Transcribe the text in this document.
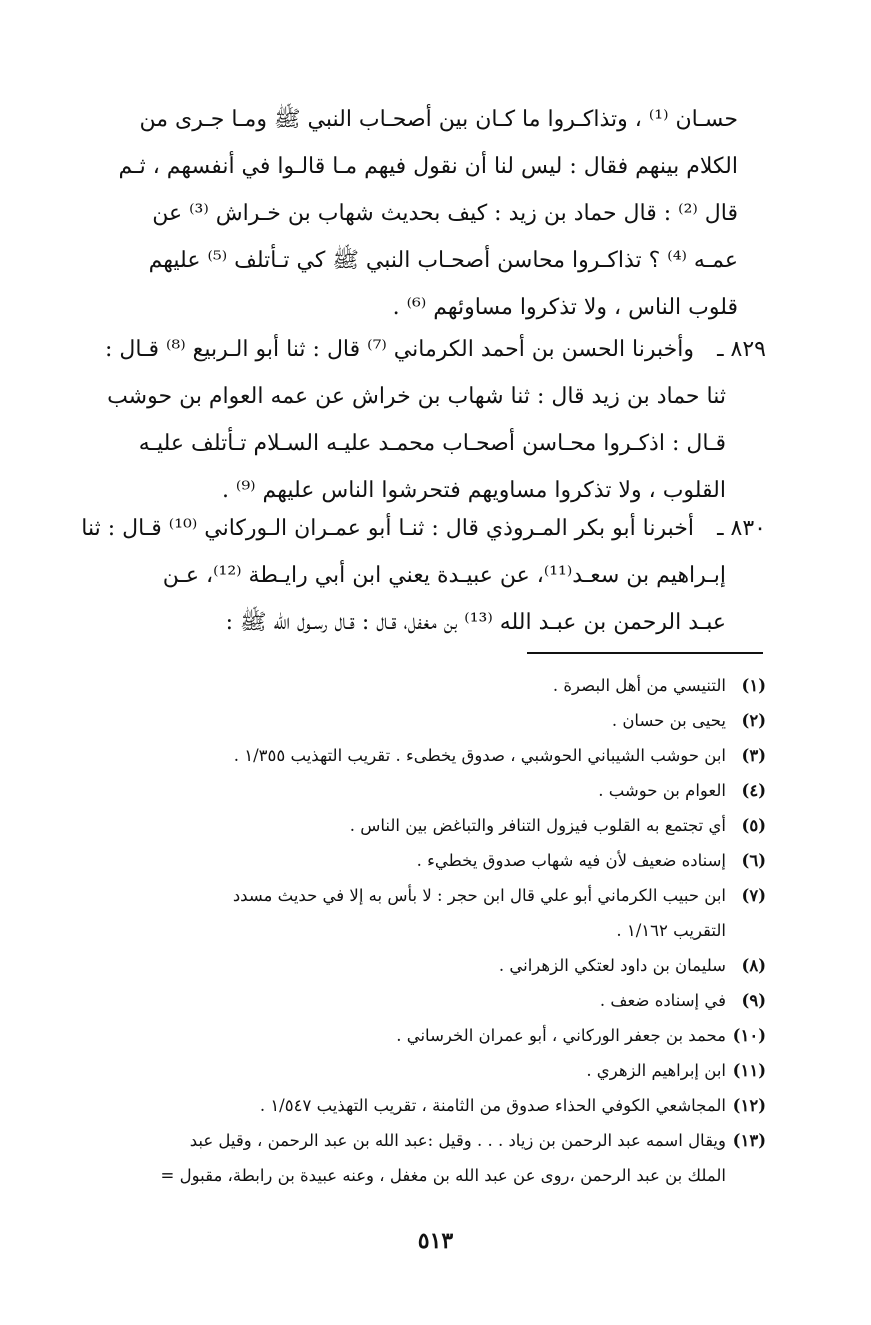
حسـان ⁽¹⁾ ، وتذاكـروا ما كـان بين أصحـاب النبي ﷺ ومـا جـرى من
الكلام بينهم فقال : ليس لنا أن نقول فيهم مـا قالـوا في أنفسهم ، ثـم
قال ⁽²⁾ : قال حماد بن زيد : كيف بحديث شهاب بن خـراش ⁽³⁾ عن
عمـه ⁽⁴⁾ ؟ تذاكـروا محاسن أصحـاب النبي ﷺ كي تـأتلف ⁽⁵⁾ عليهم
قلوب الناس ، ولا تذكروا مساوئهم ⁽⁶⁾ .
٨٢٩ ـ
وأخبرنا الحسن بن أحمد الكرماني ⁽⁷⁾ قال : ثنا أبو الـربيع ⁽⁸⁾ قـال :
ثنا حماد بن زيد قال : ثنا شهاب بن خراش عن عمه العوام بن حوشب
قـال : اذكـروا محـاسن أصحـاب محمـد عليـه السـلام تـأتلف عليـه
القلوب ، ولا تذكروا مساويهم فتحرشوا الناس عليهم ⁽⁹⁾ .
٨٣٠ ـ
أخبرنا أبو بكر المـروذي قال : ثنـا أبو عمـران الـوركاني ⁽¹⁰⁾ قـال : ثنا
إبـراهيم بن سعـد⁽¹¹⁾، عن عبيـدة يعني ابن أبي رايـطة ⁽¹²⁾، عـن
عبـد الرحمن بن عبـد الله ⁽¹³⁾ بن مغفل، قـال : قـال رسـول الله ﷺ :
(١)
التنيسي من أهل البصرة .
(٢)
يحيى بن حسان .
(٣)
ابن حوشب الشيباني الحوشبي ، صدوق يخطىء . تقريب التهذيب ١/٣٥٥ .
(٤)
العوام بن حوشب .
(٥)
أي تجتمع به القلوب فيزول التنافر والتباغض بين الناس .
(٦)
إسناده ضعيف لأن فيه شهاب صدوق يخطيء .
(٧)
ابن حبيب الكرماني أبو علي قال ابن حجر : لا بأس به إلا في حديث مسدد
التقريب ١/١٦٢ .
(٨)
سليمان بن داود لعتكي الزهراني .
(٩)
في إسناده ضعف .
(١٠)
محمد بن جعفر الوركاني ، أبو عمران الخرساني .
(١١)
ابن إبراهيم الزهري .
(١٢)
المجاشعي الكوفي الحذاء صدوق من الثامنة ، تقريب التهذيب ١/٥٤٧ .
(١٣)
ويقال اسمه عبد الرحمن بن زياد . . . وقيل :عبد الله بن عبد الرحمن ، وقيل عبد
الملك بن عبد الرحمن ،روى عن عبد الله بن مغفل ، وعنه عبيدة بن رابطة، مقبول =
٥١٣
